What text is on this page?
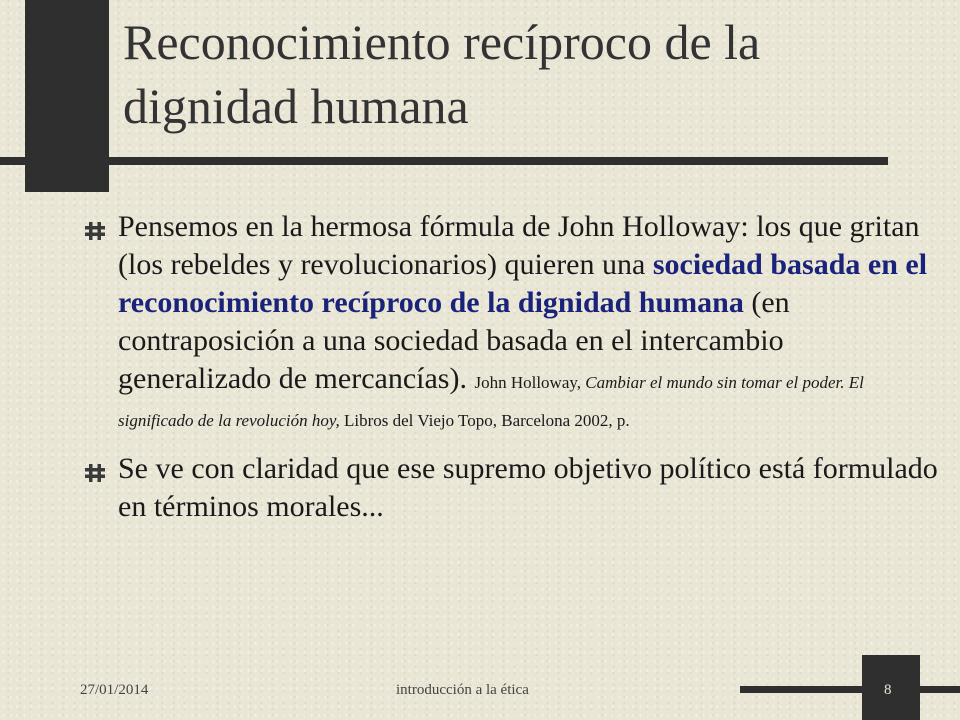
Reconocimiento recíproco de la dignidad humana
Pensemos en la hermosa fórmula de John Holloway: los que gritan (los rebeldes y revolucionarios) quieren una sociedad basada en el reconocimiento recíproco de la dignidad humana (en contraposición a una sociedad basada en el intercambio generalizado de mercancías). John Holloway, Cambiar el mundo sin tomar el poder. El significado de la revolución hoy, Libros del Viejo Topo, Barcelona 2002, p.
Se ve con claridad que ese supremo objetivo político está formulado en términos morales...
27/01/2014	introducción a la ética	8
